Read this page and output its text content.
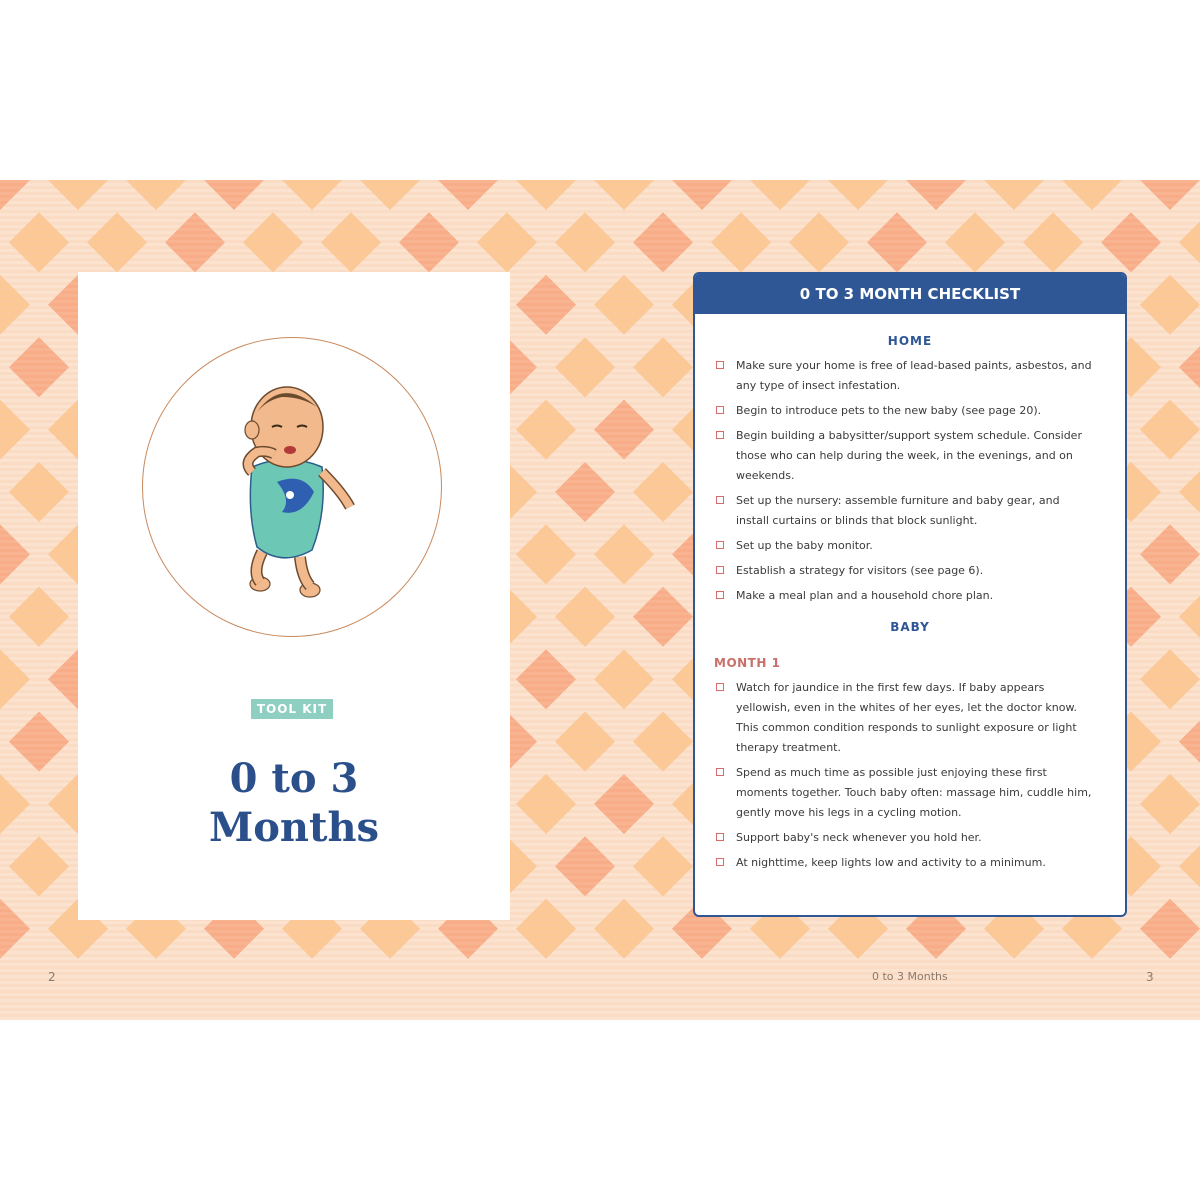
TOOL KIT
0 to 3
Months
0 TO 3 MONTH CHECKLIST
HOME
Make sure your home is free of lead-based paints, asbestos, and any type of insect infestation.
Begin to introduce pets to the new baby (see page 20).
Begin building a babysitter/support system schedule. Consider those who can help during the week, in the evenings, and on weekends.
Set up the nursery: assemble furniture and baby gear, and install curtains or blinds that block sunlight.
Set up the baby monitor.
Establish a strategy for visitors (see page 6).
Make a meal plan and a household chore plan.
BABY
MONTH 1
Watch for jaundice in the first few days. If baby appears yellowish, even in the whites of her eyes, let the doctor know. This common condition responds to sunlight exposure or light therapy treatment.
Spend as much time as possible just enjoying these first moments together. Touch baby often: massage him, cuddle him, gently move his legs in a cycling motion.
Support baby's neck whenever you hold her.
At nighttime, keep lights low and activity to a minimum.
2	0 to 3 Months	3
